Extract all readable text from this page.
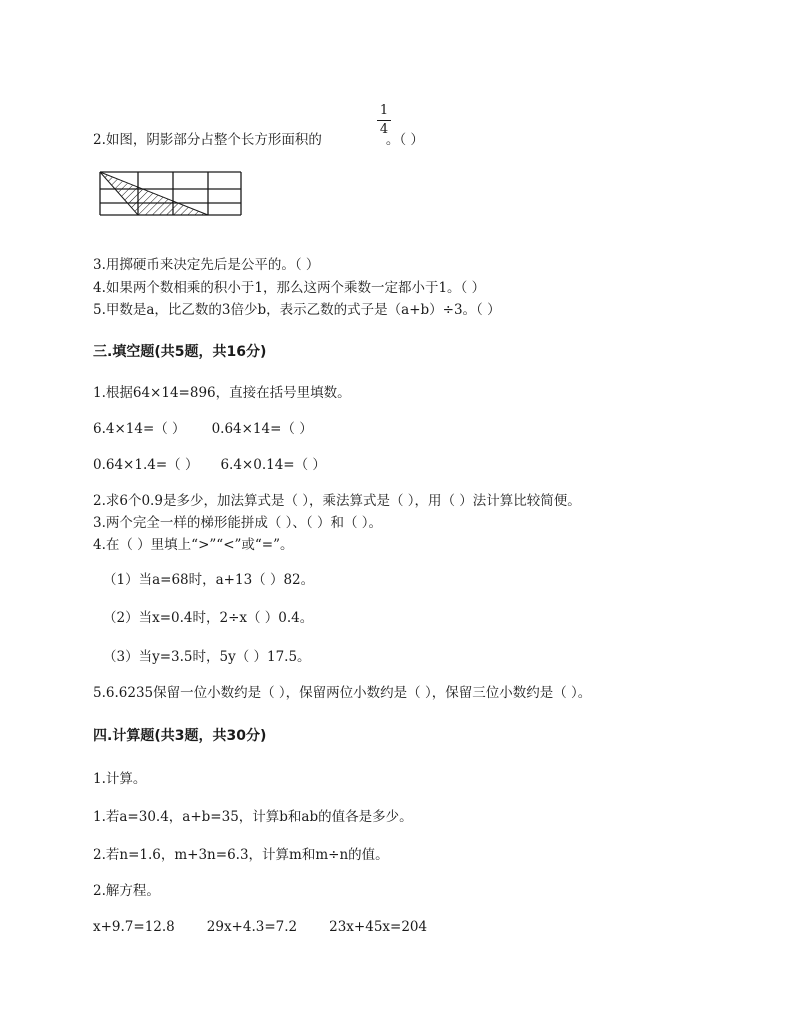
2.如图，阴影部分占整个长方形面积的	。（ ）
1
4
3.用掷硬币来决定先后是公平的。（ ）
4.如果两个数相乘的积小于1，那么这两个乘数一定都小于1。（ ）
5.甲数是a，比乙数的3倍少b，表示乙数的式子是（a+b）÷3。（ ）
三.填空题(共5题，共16分)
1.根据64×14=896，直接在括号里填数。
6.4×14=（ ） 0.64×14=（ ）
0.64×1.4=（ ） 6.4×0.14=（ ）
2.求6个0.9是多少，加法算式是（ ），乘法算式是（ ），用（ ）法计算比较简便。
3.两个完全一样的梯形能拼成（ ）、（ ）和（ ）。
4.在（ ）里填上“>”“<”或“=”。
（1）当a=68时，a+13（ ）82。
（2）当x=0.4时，2÷x（ ）0.4。
（3）当y=3.5时，5y（ ）17.5。
5.6.6235保留一位小数约是（ ），保留两位小数约是（ ），保留三位小数约是（ ）。
四.计算题(共3题，共30分)
1.计算。
1.若a=30.4，a+b=35，计算b和ab的值各是多少。
2.若n=1.6，m+3n=6.3，计算m和m÷n的值。
2.解方程。
x+9.7=12.8 29x+4.3=7.2 23x+45x=204
